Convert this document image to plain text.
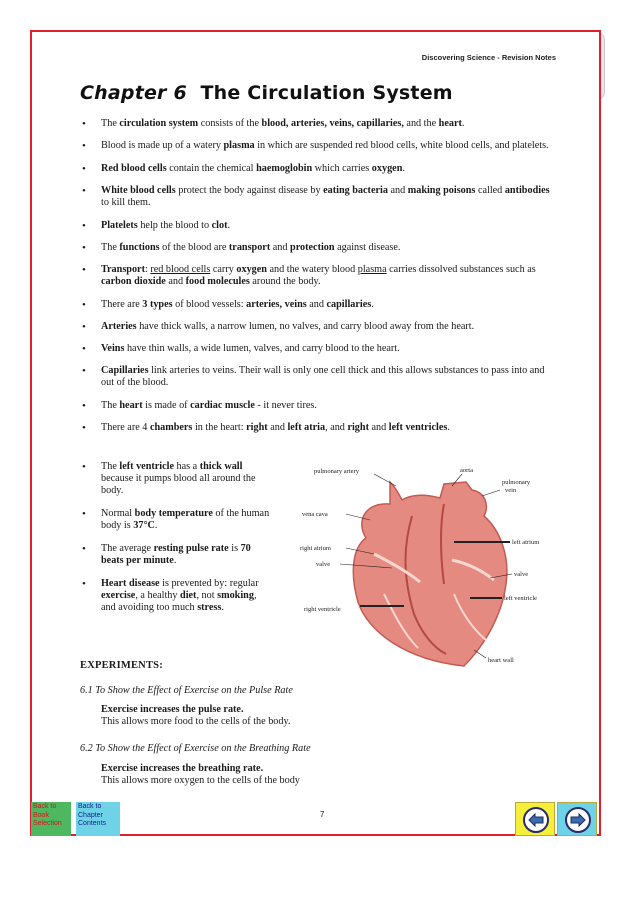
Discovering Science - Revision Notes
Chapter 6 The Circulation System
• The circulation system consists of the blood, arteries, veins, capillaries, and the heart.
• Blood is made up of a watery plasma in which are suspended red blood cells, white blood cells, and platelets.
• Red blood cells contain the chemical haemoglobin which carries oxygen.
• White blood cells protect the body against disease by eating bacteria and making poisons called antibodies to kill them.
• Platelets help the blood to clot.
• The functions of the blood are transport and protection against disease.
• Transport: red blood cells carry oxygen and the watery blood plasma carries dissolved substances such as carbon dioxide and food molecules around the body.
• There are 3 types of blood vessels: arteries, veins and capillaries.
• Arteries have thick walls, a narrow lumen, no valves, and carry blood away from the heart.
• Veins have thin walls, a wide lumen, valves, and carry blood to the heart.
• Capillaries link arteries to veins. Their wall is only one cell thick and this allows substances to pass into and out of the blood.
• The heart is made of cardiac muscle - it never tires.
• There are 4 chambers in the heart: right and left atria, and right and left ventricles.
• The left ventricle has a thick wall because it pumps blood all around the body.
• Normal body temperature of the human body is 37°C.
• The average resting pulse rate is 70 beats per minute.
• Heart disease is prevented by: regular exercise, a healthy diet, not smoking, and avoiding too much stress.
pulmonary artery	aorta
pulmonary vein
vena cava
left atrium
right atrium
valve
valve
left ventricle
right ventricle
heart wall
EXPERIMENTS:
6.1 To Show the Effect of Exercise on the Pulse Rate
Exercise increases the pulse rate.
This allows more food to the cells of the body.
6.2 To Show the Effect of Exercise on the Breathing Rate
Exercise increases the breathing rate.
This allows more oxygen to the cells of the body
7
Back to Book Selection
Back to Chapter Contents
